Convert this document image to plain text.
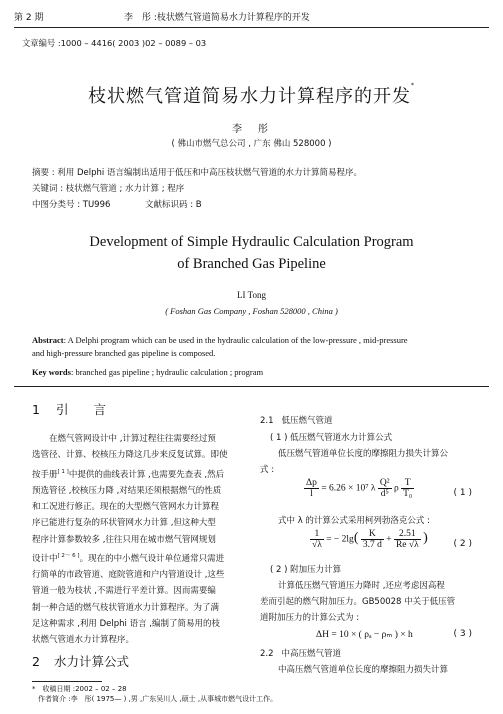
第 2 期	李　彤 :枝状燃气管道简易水力计算程序的开发
文章编号 :1000 – 4416( 2003 )02 – 0089 – 03
枝状燃气管道简易水力计算程序的开发*
李　彤
( 佛山市燃气总公司 , 广东 佛山 528000 )
摘要 : 利用 Delphi 语言编制出适用于低压和中高压枝状燃气管道的水力计算简易程序。
关键词 : 枝状燃气管道 ; 水力计算 ; 程序
中图分类号 : TU996	文献标识码 : B
Development of Simple Hydraulic Calculation Program
of Branched Gas Pipeline
LI Tong
( Foshan Gas Company , Foshan 528000 , China )
Abstract: A Delphi program which can be used in the hydraulic calculation of the low-pressure , mid-pressure
and high-pressure branched gas pipeline is composed.
Key words: branched gas pipeline ; hydraulic calculation ; program
1 引　　言

在燃气管网设计中 ,计算过程往往需要经过预

选管径、计算、校核压力降这几步来反复试算。即使
按手册[ 1 ]中提供的曲线表计算 ,也需要先查表 ,然后
预选管径 ,校核压力降 ,对结果还须根据燃气的性质
和工况进行修正。现在的大型燃气管网水力计算程
序已能进行复杂的环状管网水力计算 ,但这种大型
程序计算参数较多 ,往往只用在城市燃气管网规划
设计中[ 2～ 6 ]。现在的中小燃气设计单位通常只需进
行简单的市政管道、庭院管道和户内管道设计 ,这些
管道一般为枝状 ,不需进行平差计算。因而需要编
制一种合适的燃气枝状管道水力计算程序。为了满
足这种需求 ,利用 Delphi 语言 ,编制了简易用的枝
状燃气管道水力计算程序。
2 水力计算公式
2.1 低压燃气管道
( 1 ) 低压燃气管道水力计算公式
低压燃气管道单位长度的摩擦阻力损失计算公
式 :
$\frac{\Delta p}{l} = 6.26 \times 10^7$ λ $\frac{\text{Q²}}{\text{d⁵}}$ ρ $\frac{T}{\text{T₀}}$	( 1 )
式中 λ 的计算公式采用柯列勃洛克公式 :
$\frac{1}{√\lambda}$ = − $2\lg( \frac{K}{3.7 d} + \frac{2.51}{Re √\lambda}$ )	( 2 )
( 2 ) 附加压力计算
计算低压燃气管道压力降时 ,还应考虑因高程
差而引起的燃气附加压力。GB50028 中关于低压管
道附加压力的计算公式为 :
ΔH = 10 × ( ρₐ − ρₘ ) × h	( 3 )
2.2 中高压燃气管道
中高压燃气管道单位长度的摩擦阻力损失计算
*　收稿日期 :2002 – 02 – 28
作者简介 :李　彤( 1975— ) ,男 ,广东吴川人 ,硕士 ,从事城市燃气设计工作。
